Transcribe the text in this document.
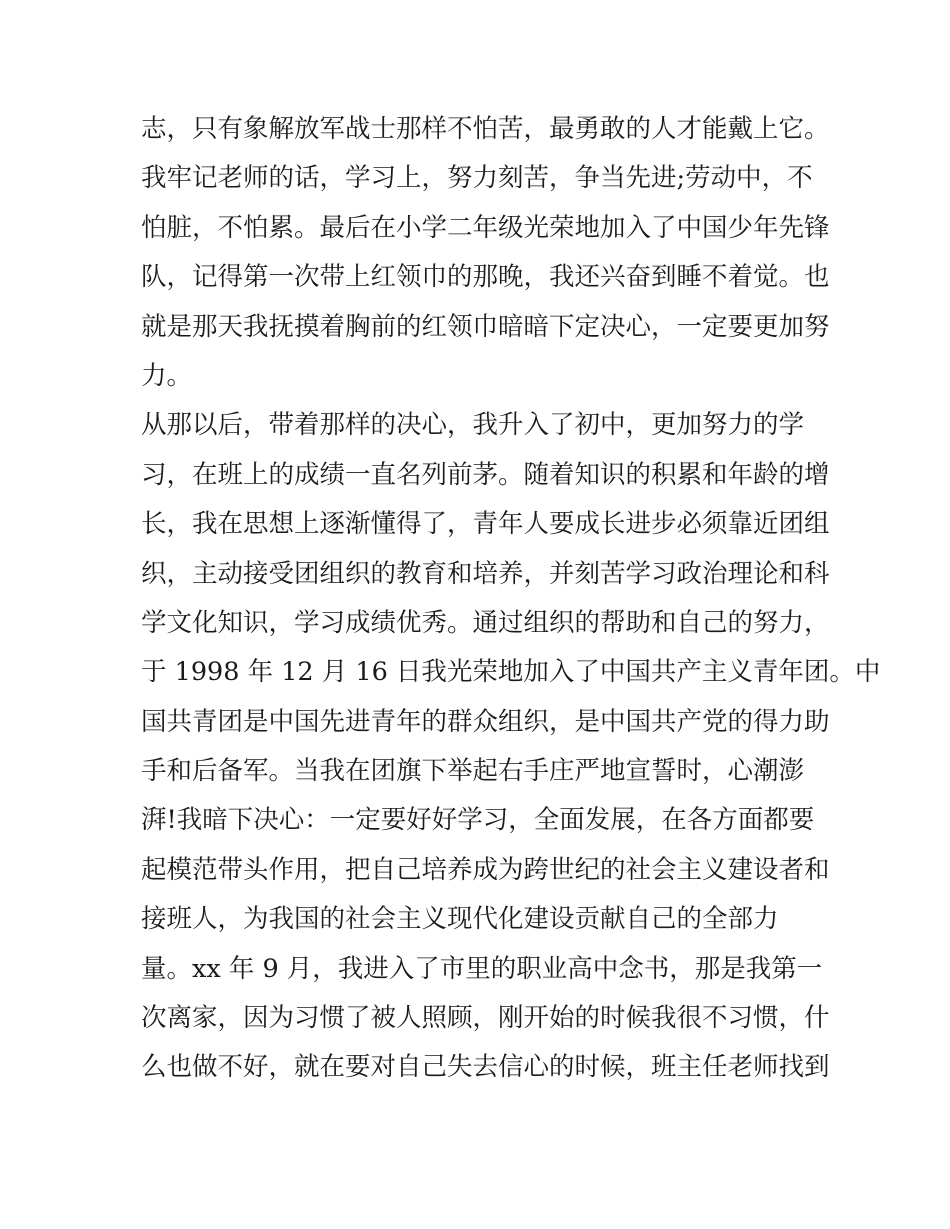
志，只有象解放军战士那样不怕苦，最勇敢的人才能戴上它。
我牢记老师的话，学习上，努力刻苦，争当先进;劳动中，不
怕脏，不怕累。最后在小学二年级光荣地加入了中国少年先锋
队，记得第一次带上红领巾的那晚，我还兴奋到睡不着觉。也
就是那天我抚摸着胸前的红领巾暗暗下定决心，一定要更加努
力。
从那以后，带着那样的决心，我升入了初中，更加努力的学
习，在班上的成绩一直名列前茅。随着知识的积累和年龄的增
长，我在思想上逐渐懂得了，青年人要成长进步必须靠近团组
织，主动接受团组织的教育和培养，并刻苦学习政治理论和科
学文化知识，学习成绩优秀。通过组织的帮助和自己的努力，
于 1998 年 12 月 16 日我光荣地加入了中国共产主义青年团。中
国共青团是中国先进青年的群众组织，是中国共产党的得力助
手和后备军。当我在团旗下举起右手庄严地宣誓时，心潮澎
湃!我暗下决心：一定要好好学习，全面发展，在各方面都要
起模范带头作用，把自己培养成为跨世纪的社会主义建设者和
接班人，为我国的社会主义现代化建设贡献自己的全部力
量。xx 年 9 月，我进入了市里的职业高中念书，那是我第一
次离家，因为习惯了被人照顾，刚开始的时候我很不习惯，什
么也做不好，就在要对自己失去信心的时候，班主任老师找到
